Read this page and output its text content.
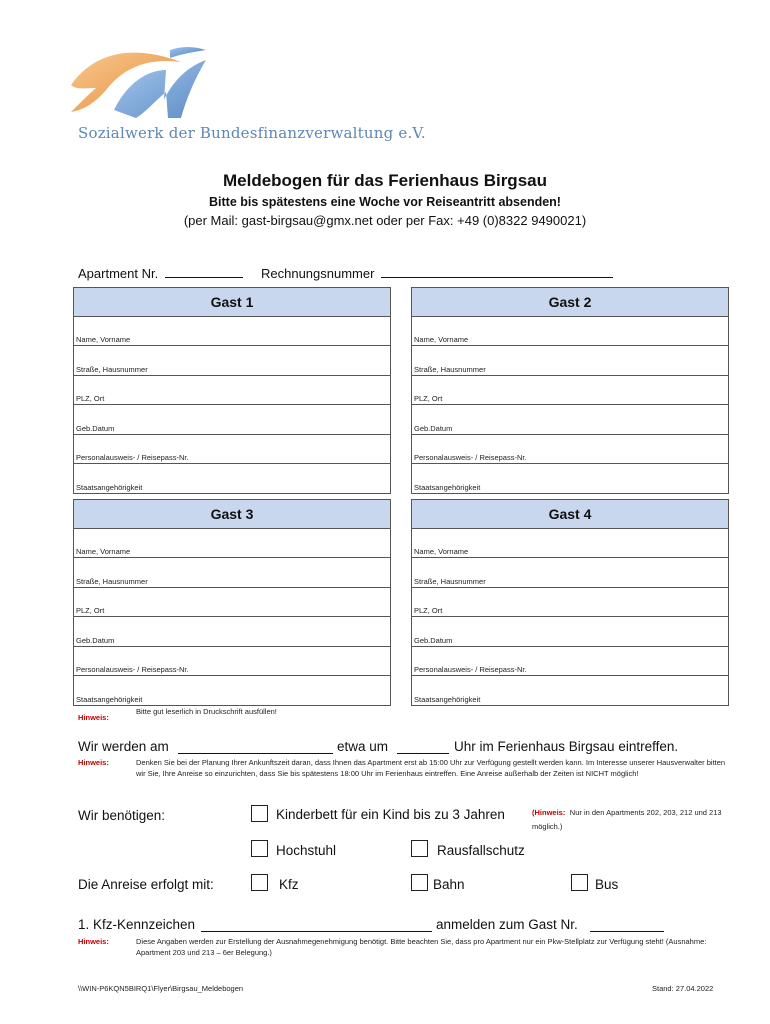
Sozialwerk der Bundesfinanzverwaltung e.V.
Meldebogen für das Ferienhaus Birgsau
Bitte bis spätestens eine Woche vor Reiseantritt absenden!
(per Mail: gast-birgsau@gmx.net oder per Fax: +49 (0)8322 9490021)
Apartment Nr.	Rechnungsnummer
Gast 1
Name, Vorname
Straße, Hausnummer
PLZ, Ort
Geb.Datum
Personalausweis- / Reisepass-Nr.
Staatsangehörigkeit
Gast 2
Name, Vorname
Straße, Hausnummer
PLZ, Ort
Geb.Datum
Personalausweis- / Reisepass-Nr.
Staatsangehörigkeit
Gast 3
Name, Vorname
Straße, Hausnummer
PLZ, Ort
Geb.Datum
Personalausweis- / Reisepass-Nr.
Staatsangehörigkeit
Gast 4
Name, Vorname
Straße, Hausnummer
PLZ, Ort
Geb.Datum
Personalausweis- / Reisepass-Nr.
Staatsangehörigkeit
Hinweis:
Bitte gut leserlich in Druckschrift ausfüllen!
Wir werden am	etwa um	Uhr im Ferienhaus Birgsau eintreffen.
Hinweis:	Denken Sie bei der Planung Ihrer Ankunftszeit daran, dass Ihnen das Apartment erst ab 15:00 Uhr zur Verfügung gestellt werden kann. Im Interesse unserer Hausverwalter bitten wir Sie, Ihre Anreise so einzurichten, dass Sie bis spätestens 18:00 Uhr im Ferienhaus eintreffen. Eine Anreise außerhalb der Zeiten ist NICHT möglich!
Wir benötigen:	Kinderbett für ein Kind bis zu 3 Jahren	(Hinweis: Nur in den Apartments 202, 203, 212 und 213 möglich.)
Hochstuhl	Rausfallschutz
Die Anreise erfolgt mit:	Kfz	Bahn	Bus
1. Kfz-Kennzeichen	anmelden zum Gast Nr.
Hinweis:	Diese Angaben werden zur Erstellung der Ausnahmegenehmigung benötigt. Bitte beachten Sie, dass pro Apartment nur ein Pkw-Stellplatz zur Verfügung steht! (Ausnahme: Apartment 203 und 213 – 6er Belegung.)
\\WIN-P6KQN5BIRQ1\Flyer\Birgsau_Meldebogen	Stand: 27.04.2022
